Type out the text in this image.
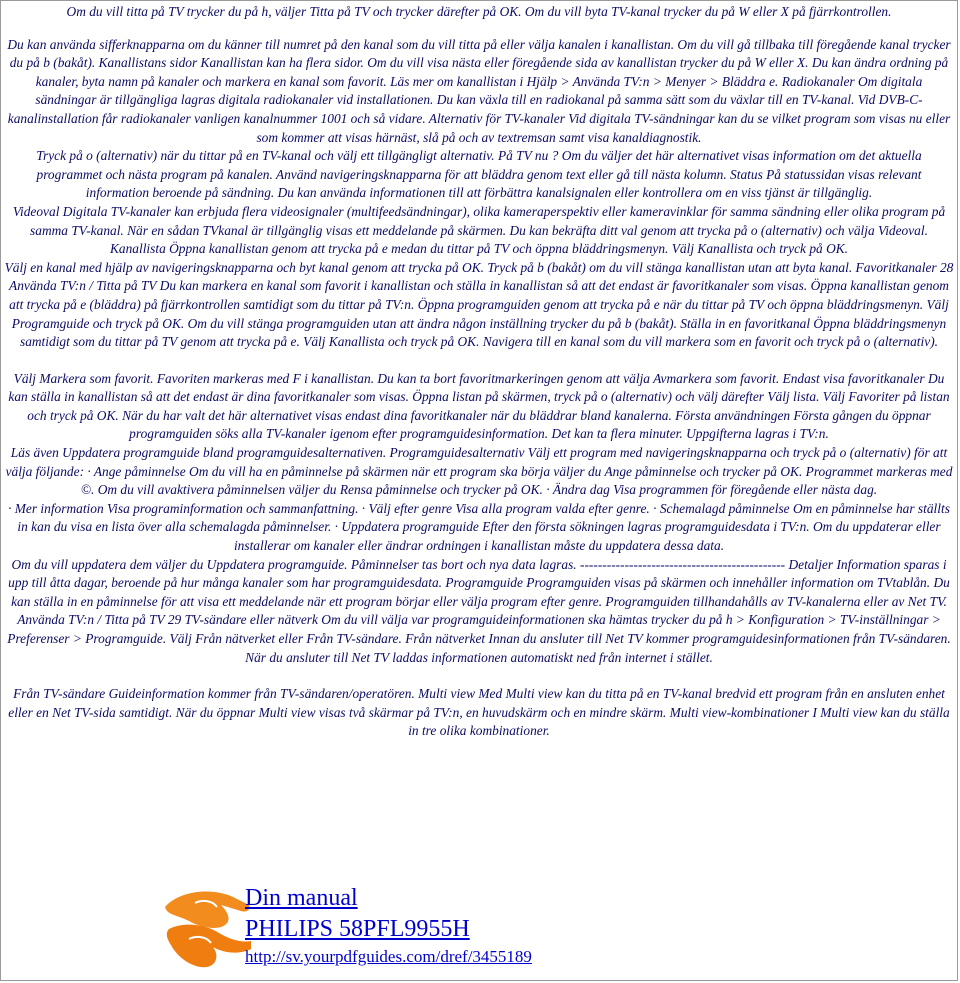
Om du vill titta på TV trycker du på h, väljer Titta på TV och trycker därefter på OK. Om du vill byta TV-kanal trycker du på W eller X på fjärrkontrollen.

Du kan använda sifferknapparna om du känner till numret på den kanal som du vill titta på eller välja kanalen i kanallistan. Om du vill gå tillbaka till föregående kanal trycker du på b (bakåt). Kanallistans sidor Kanallistan kan ha flera sidor. Om du vill visa nästa eller föregående sida av kanallistan trycker du på W eller X. Du kan ändra ordning på kanaler, byta namn på kanaler och markera en kanal som favorit. Läs mer om kanallistan i Hjälp > Använda TV:n > Menyer > Bläddra e. Radiokanaler Om digitala sändningar är tillgängliga lagras digitala radiokanaler vid installationen. Du kan växla till en radiokanal på samma sätt som du växlar till en TV-kanal. Vid DVB-C-kanalinstallation får radiokanaler vanligen kanalnummer 1001 och så vidare. Alternativ för TV-kanaler Vid digitala TV-sändningar kan du se vilket program som visas nu eller som kommer att visas härnäst, slå på och av textremsan samt visa kanaldiagnostik.

Tryck på o (alternativ) när du tittar på en TV-kanal och välj ett tillgängligt alternativ. På TV nu ? Om du väljer det här alternativet visas information om det aktuella programmet och nästa program på kanalen. Använd navigeringsknapparna för att bläddra genom text eller gå till nästa kolumn. Status På statussidan visas relevant information beroende på sändning. Du kan använda informationen till att förbättra kanalsignalen eller kontrollera om en viss tjänst är tillgänglig.

Videoval Digitala TV-kanaler kan erbjuda flera videosignaler (multifeedsändningar), olika kameraperspektiv eller kameravinklar för samma sändning eller olika program på samma TV-kanal. När en sådan TVkanal är tillgänglig visas ett meddelande på skärmen. Du kan bekräfta ditt val genom att trycka på o (alternativ) och välja Videoval. Kanallista Öppna kanallistan genom att trycka på e medan du tittar på TV och öppna bläddringsmenyn. Välj Kanallista och tryck på OK.

Välj en kanal med hjälp av navigeringsknapparna och byt kanal genom att trycka på OK. Tryck på b (bakåt) om du vill stänga kanallistan utan att byta kanal. Favoritkanaler 28 Använda TV:n / Titta på TV Du kan markera en kanal som favorit i kanallistan och ställa in kanallistan så att det endast är favoritkanaler som visas. Öppna kanallistan genom att trycka på e (bläddra) på fjärrkontrollen samtidigt som du tittar på TV:n. Öppna programguiden genom att trycka på e när du tittar på TV och öppna bläddringsmenyn. Välj Programguide och tryck på OK. Om du vill stänga programguiden utan att ändra någon inställning trycker du på b (bakåt). Ställa in en favoritkanal Öppna bläddringsmenyn samtidigt som du tittar på TV genom att trycka på e. Välj Kanallista och tryck på OK. Navigera till en kanal som du vill markera som en favorit och tryck på o (alternativ).

Välj Markera som favorit. Favoriten markeras med F i kanallistan. Du kan ta bort favoritmarkeringen genom att välja Avmarkera som favorit. Endast visa favoritkanaler Du kan ställa in kanallistan så att det endast är dina favoritkanaler som visas. Öppna listan på skärmen, tryck på o (alternativ) och välj därefter Välj lista. Välj Favoriter på listan och tryck på OK. När du har valt det här alternativet visas endast dina favoritkanaler när du bläddrar bland kanalerna. Första användningen Första gången du öppnar programguiden söks alla TV-kanaler igenom efter programguidesinformation. Det kan ta flera minuter. Uppgifterna lagras i TV:n.

Läs även Uppdatera programguide bland programguidesalternativen. Programguidesalternativ Välj ett program med navigeringsknapparna och tryck på o (alternativ) för att välja följande: · Ange påminnelse Om du vill ha en påminnelse på skärmen när ett program ska börja väljer du Ange påminnelse och trycker på OK. Programmet markeras med ©. Om du vill avaktivera påminnelsen väljer du Rensa påminnelse och trycker på OK. · Ändra dag Visa programmen för föregående eller nästa dag.

· Mer information Visa programinformation och sammanfattning. · Välj efter genre Visa alla program valda efter genre. · Schemalagd påminnelse Om en påminnelse har ställts in kan du visa en lista över alla schemalagda påminnelser. · Uppdatera programguide Efter den första sökningen lagras programguidesdata i TV:n. Om du uppdaterar eller installerar om kanaler eller ändrar ordningen i kanallistan måste du uppdatera dessa data.

Om du vill uppdatera dem väljer du Uppdatera programguide. Påminnelser tas bort och nya data lagras. ---------------------------------------------- Detaljer Information sparas i upp till åtta dagar, beroende på hur många kanaler som har programguidesdata. Programguide Programguiden visas på skärmen och innehåller information om TVtablån. Du kan ställa in en påminnelse för att visa ett meddelande när ett program börjar eller välja program efter genre. Programguiden tillhandahålls av TV-kanalerna eller av Net TV. Använda TV:n / Titta på TV 29 TV-sändare eller nätverk Om du vill välja var programguideinformationen ska hämtas trycker du på h > Konfiguration > TV-inställningar > Preferenser > Programguide. Välj Från nätverket eller Från TV-sändare. Från nätverket Innan du ansluter till Net TV kommer programguidesinformationen från TV-sändaren. När du ansluter till Net TV laddas informationen automatiskt ned från internet i stället.

Från TV-sändare Guideinformation kommer från TV-sändaren/operatören. Multi view Med Multi view kan du titta på en TV-kanal bredvid ett program från en ansluten enhet eller en Net TV-sida samtidigt. När du öppnar Multi view visas två skärmar på TV:n, en huvudskärm och en mindre skärm. Multi view-kombinationer I Multi view kan du ställa in tre olika kombinationer.

Din manual
PHILIPS 58PFL9955H
http://sv.yourpdfguides.com/dref/3455189
